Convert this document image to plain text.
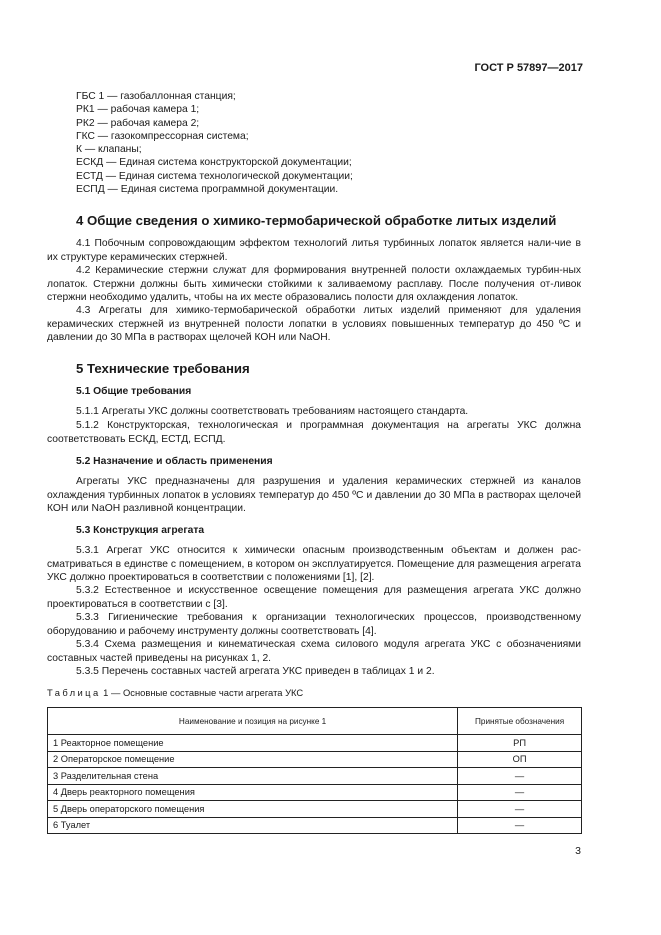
ГОСТ Р 57897—2017
ГБС 1 — газобаллонная станция;
РК1 — рабочая камера 1;
РК2 — рабочая камера 2;
ГКС — газокомпрессорная система;
К — клапаны;
ЕСКД — Единая система конструкторской документации;
ЕСТД — Единая система технологической документации;
ЕСПД — Единая система программной документации.
4 Общие сведения о химико-термобарической обработке литых изделий

4.1 Побочным сопровождающим эффектом технологий литья турбинных лопаток является нали-чие в их структуре керамических стержней.

4.2 Керамические стержни служат для формирования внутренней полости охлаждаемых турбин-ных лопаток. Стержни должны быть химически стойкими к заливаемому расплаву. После получения от-ливок стержни необходимо удалить, чтобы на их месте образовались полости для охлаждения лопаток.

4.3 Агрегаты для химико-термобарической обработки литых изделий применяют для удаления керамических стержней из внутренней полости лопатки в условиях повышенных температур до 450 ºC и давлении до 30 МПа в растворах щелочей КОН или NaOH.

5 Технические требования
5.1 Общие требования

5.1.1 Агрегаты УКС должны соответствовать требованиям настоящего стандарта.

5.1.2 Конструкторская, технологическая и программная документация на агрегаты УКС должна соответствовать ЕСКД, ЕСТД, ЕСПД.

5.2 Назначение и область применения

Агрегаты УКС предназначены для разрушения и удаления керамических стержней из каналов охлаждения турбинных лопаток в условиях температур до 450 ºC и давлении до 30 МПа в растворах щелочей КОН или NaOH разливной концентрации.

5.3 Конструкция агрегата

5.3.1 Агрегат УКС относится к химически опасным производственным объектам и должен рас-сматриваться в единстве с помещением, в котором он эксплуатируется. Помещение для размещения агрегата УКС должно проектироваться в соответствии с положениями [1], [2].

5.3.2 Естественное и искусственное освещение помещения для размещения агрегата УКС должно проектироваться в соответствии с [3].

5.3.3 Гигиенические требования к организации технологических процессов, производственному оборудованию и рабочему инструменту должны соответствовать [4].

5.3.4 Схема размещения и кинематическая схема силового модуля агрегата УКС с обозначениями составных частей приведены на рисунках 1, 2.

5.3.5 Перечень составных частей агрегата УКС приведен в таблицах 1 и 2.

Таблица 1 — Основные составные части агрегата УКС
Наименование и позиция на рисунке 1	Принятые обозначения
1 Реакторное помещение	РП
2 Операторское помещение	ОП
3 Разделительная стена	—
4 Дверь реакторного помещения	—
5 Дверь операторского помещения	—
6 Туалет	—
3
